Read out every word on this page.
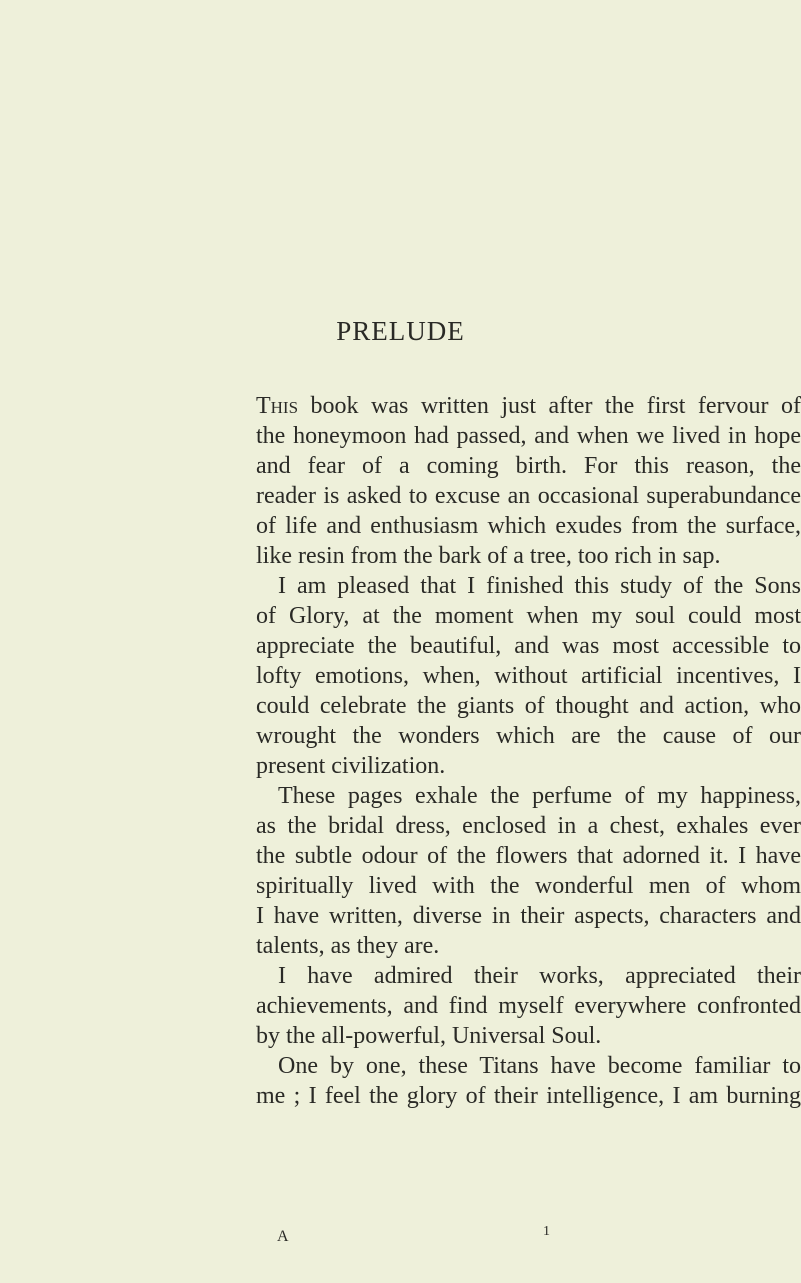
PRELUDE
This book was written just after the first fervour of
the honeymoon had passed, and when we lived in hope
and fear of a coming birth. For this reason, the
reader is asked to excuse an occasional superabundance
of life and enthusiasm which exudes from the surface,
like resin from the bark of a tree, too rich in sap.
I am pleased that I finished this study of the Sons
of Glory, at the moment when my soul could most
appreciate the beautiful, and was most accessible to
lofty emotions, when, without artificial incentives, I
could celebrate the giants of thought and action, who
wrought the wonders which are the cause of our
present civilization.
These pages exhale the perfume of my happiness,
as the bridal dress, enclosed in a chest, exhales ever
the subtle odour of the flowers that adorned it. I have
spiritually lived with the wonderful men of whom
I have written, diverse in their aspects, characters and
talents, as they are.
I have admired their works, appreciated their
achievements, and find myself everywhere confronted
by the all-powerful, Universal Soul.
One by one, these Titans have become familiar to
me ; I feel the glory of their intelligence, I am burning
A	1
